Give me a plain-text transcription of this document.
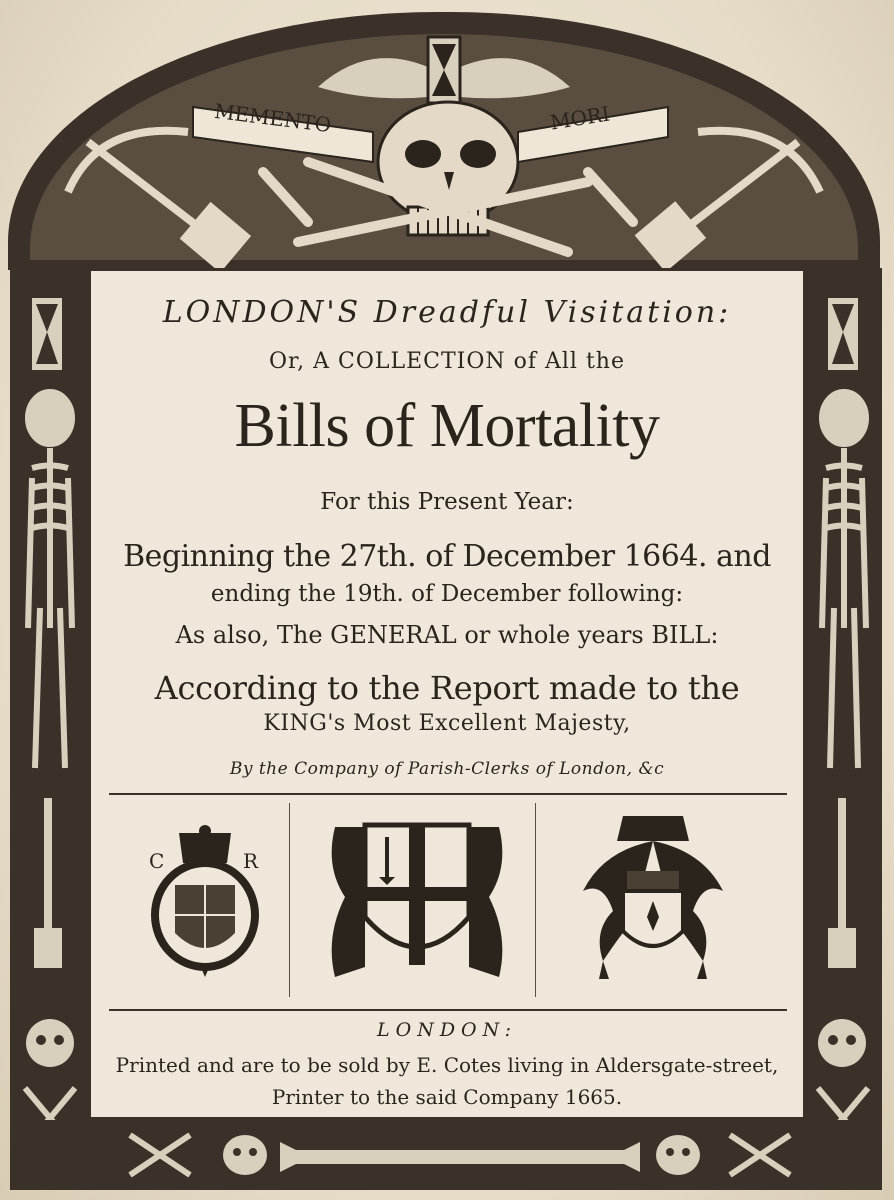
MEMENTO	MORI
LONDON'S Dreadful Visitation:
Or, A COLLECTION of All the
Bills of Mortality
For this Present Year:
Beginning the 27th. of December 1664. and
ending the 19th. of December following:
As also, The GENERAL or whole years BILL:
According to the Report made to the
KING's Most Excellent Majesty,
By the Company of Parish-Clerks of London, &c
C	R
LONDON:
Printed and are to be sold by E. Cotes living in Aldersgate-street,
Printer to the said Company 1665.
